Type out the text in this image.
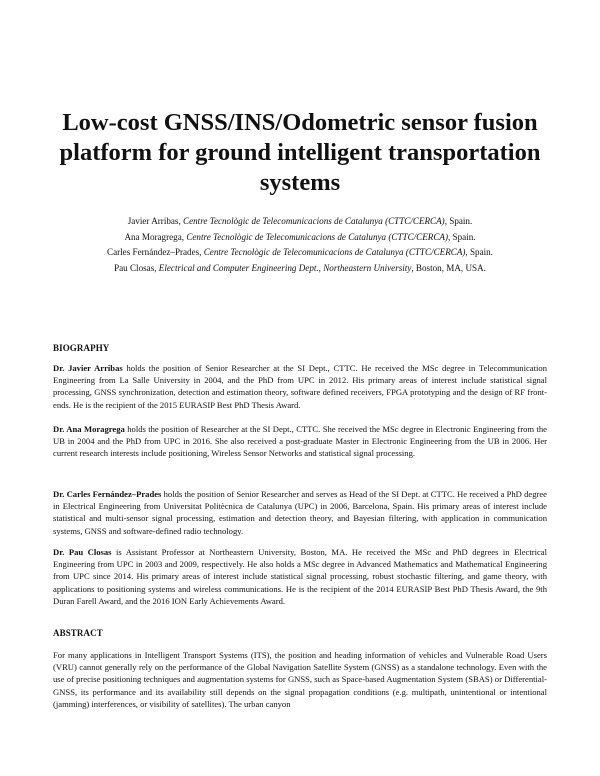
Low-cost GNSS/INS/Odometric sensor fusion platform for ground intelligent transportation systems
Javier Arribas, Centre Tecnològic de Telecomunicacions de Catalunya (CTTC/CERCA), Spain.
Ana Moragrega, Centre Tecnològic de Telecomunicacions de Catalunya (CTTC/CERCA), Spain.
Carles Fernández–Prades, Centre Tecnològic de Telecomunicacions de Catalunya (CTTC/CERCA), Spain.
Pau Closas, Electrical and Computer Engineering Dept., Northeastern University, Boston, MA, USA.
BIOGRAPHY

Dr. Javier Arribas holds the position of Senior Researcher at the SI Dept., CTTC. He received the MSc degree in Telecommunication Engineering from La Salle University in 2004, and the PhD from UPC in 2012. His primary areas of interest include statistical signal processing, GNSS synchronization, detection and estimation theory, software defined receivers, FPGA prototyping and the design of RF front-ends. He is the recipient of the 2015 EURASIP Best PhD Thesis Award.

Dr. Ana Moragrega holds the position of Researcher at the SI Dept., CTTC. She received the MSc degree in Electronic Engineering from the UB in 2004 and the PhD from UPC in 2016. She also received a post-graduate Master in Electronic Engineering from the UB in 2006. Her current research interests include positioning, Wireless Sensor Networks and statistical signal processing.

Dr. Carles Fernández–Prades holds the position of Senior Researcher and serves as Head of the SI Dept. at CTTC. He received a PhD degree in Electrical Engineering from Universitat Politècnica de Catalunya (UPC) in 2006, Barcelona, Spain. His primary areas of interest include statistical and multi-sensor signal processing, estimation and detection theory, and Bayesian filtering, with application in communication systems, GNSS and software-defined radio technology.

Dr. Pau Closas is Assistant Professor at Northeastern University, Boston, MA. He received the MSc and PhD degrees in Electrical Engineering from UPC in 2003 and 2009, respectively. He also holds a MSc degree in Advanced Mathematics and Mathematical Engineering from UPC since 2014. His primary areas of interest include statistical signal processing, robust stochastic filtering, and game theory, with applications to positioning systems and wireless communications. He is the recipient of the 2014 EURASIP Best PhD Thesis Award, the 9th Duran Farell Award, and the 2016 ION Early Achievements Award.

ABSTRACT

For many applications in Intelligent Transport Systems (ITS), the position and heading information of vehicles and Vulnerable Road Users (VRU) cannot generally rely on the performance of the Global Navigation Satellite System (GNSS) as a standalone technology. Even with the use of precise positioning techniques and augmentation systems for GNSS, such as Space-based Augmentation System (SBAS) or Differential-GNSS, its performance and its availability still depends on the signal propagation conditions (e.g. multipath, unintentional or intentional (jamming) interferences, or visibility of satellites). The urban canyon
